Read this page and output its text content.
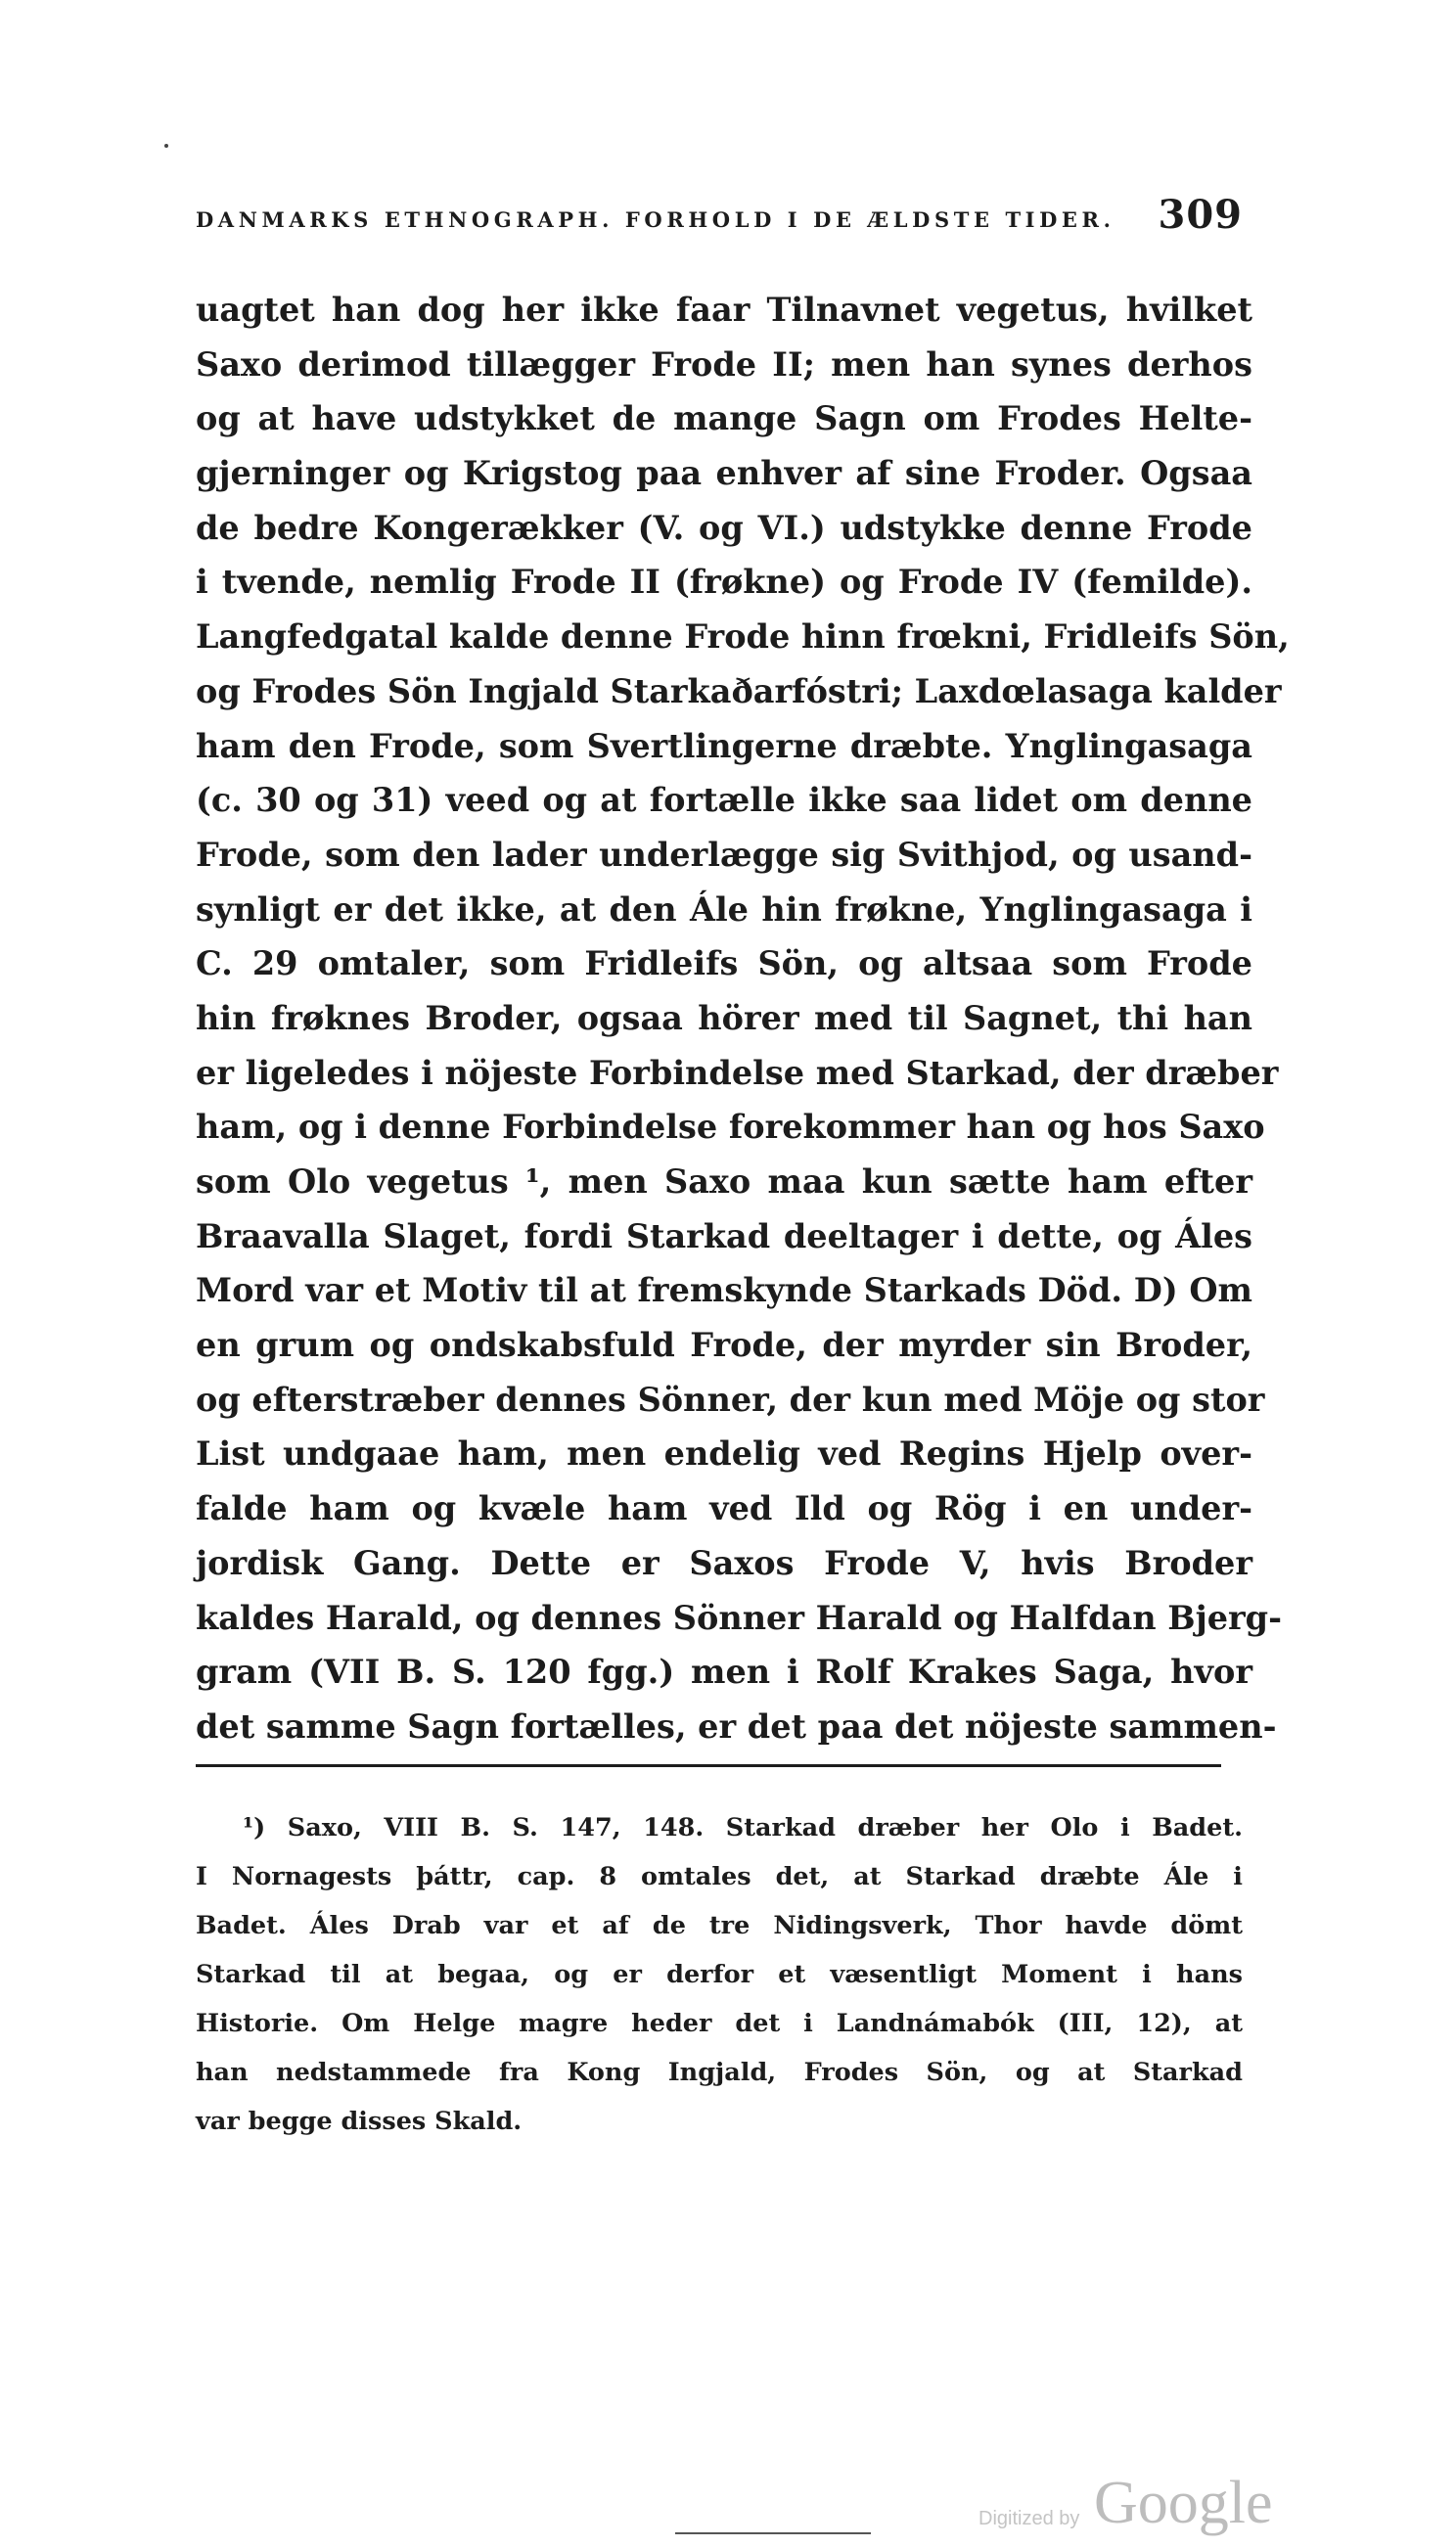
DANMARKS ETHNOGRAPH. FORHOLD I DE ÆLDSTE TIDER. 309
uagtet han dog her ikke faar Tilnavnet vegetus, hvilket
Saxo derimod tillægger Frode II; men han synes derhos
og at have udstykket de mange Sagn om Frodes Helte-
gjerninger og Krigstog paa enhver af sine Froder. Ogsaa
de bedre Kongerækker (V. og VI.) udstykke denne Frode
i tvende, nemlig Frode II (frøkne) og Frode IV (femilde).
Langfedgatal kalde denne Frode hinn frœkni, Fridleifs Sön,
og Frodes Sön Ingjald Starkaðarfóstri; Laxdœlasaga kalder
ham den Frode, som Svertlingerne dræbte. Ynglingasaga
(c. 30 og 31) veed og at fortælle ikke saa lidet om denne
Frode, som den lader underlægge sig Svithjod, og usand-
synligt er det ikke, at den Ále hin frøkne, Ynglingasaga i
C. 29 omtaler, som Fridleifs Sön, og altsaa som Frode
hin frøknes Broder, ogsaa hörer med til Sagnet, thi han
er ligeledes i nöjeste Forbindelse med Starkad, der dræber
ham, og i denne Forbindelse forekommer han og hos Saxo
som Olo vegetus ¹, men Saxo maa kun sætte ham efter
Braavalla Slaget, fordi Starkad deeltager i dette, og Áles
Mord var et Motiv til at fremskynde Starkads Död. D) Om
en grum og ondskabsfuld Frode, der myrder sin Broder,
og efterstræber dennes Sönner, der kun med Möje og stor
List undgaae ham, men endelig ved Regins Hjelp over-
falde ham og kvæle ham ved Ild og Rög i en under-
jordisk Gang. Dette er Saxos Frode V, hvis Broder
kaldes Harald, og dennes Sönner Harald og Halfdan Bjerg-
gram (VII B. S. 120 fgg.) men i Rolf Krakes Saga, hvor
det samme Sagn fortælles, er det paa det nöjeste sammen-
¹) Saxo, VIII B. S. 147, 148. Starkad dræber her Olo i Badet.
I Nornagests þáttr, cap. 8 omtales det, at Starkad dræbte Ále i
Badet. Áles Drab var et af de tre Nidingsverk, Thor havde dömt
Starkad til at begaa, og er derfor et væsentligt Moment i hans
Historie. Om Helge magre heder det i Landnámabók (III, 12), at
han nedstammede fra Kong Ingjald, Frodes Sön, og at Starkad
var begge disses Skald.
Digitized by Google
